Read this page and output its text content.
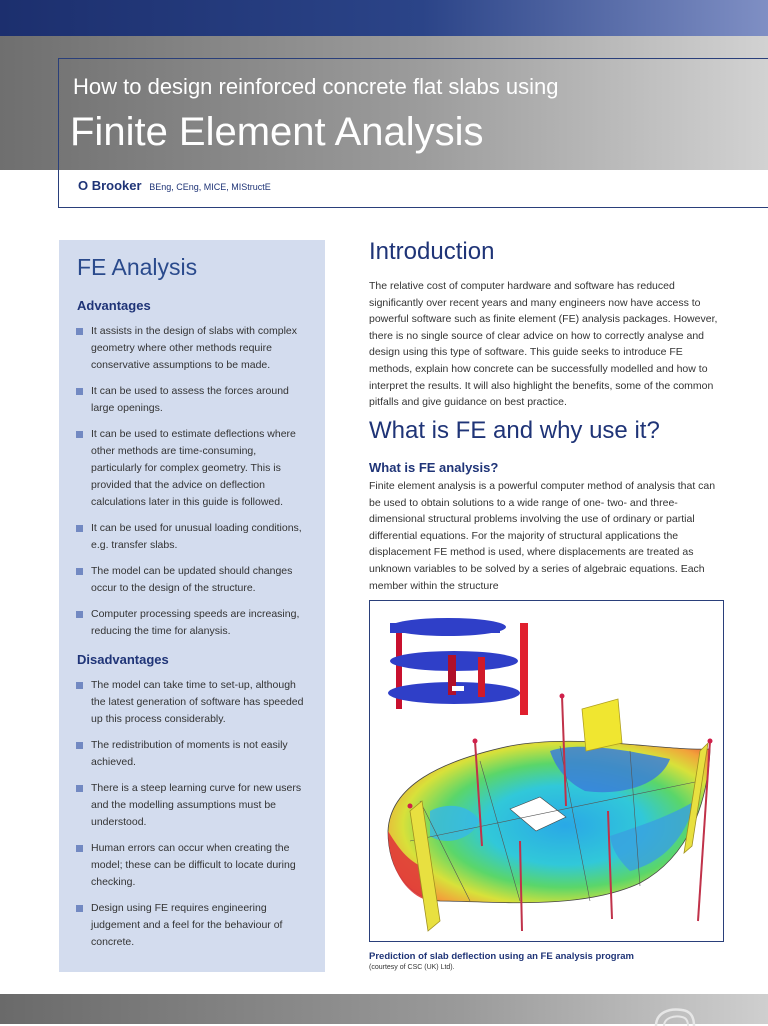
How to design reinforced concrete flat slabs using
Finite Element Analysis
O Brooker BEng, CEng, MICE, MIStructE
FE Analysis
Advantages
It assists in the design of slabs with complex geometry where other methods require conservative assumptions to be made.
It can be used to assess the forces around large openings.
It can be used to estimate deflections where other methods are time-consuming, particularly for complex geometry. This is provided that the advice on deflection calculations later in this guide is followed.
It can be used for unusual loading conditions, e.g. transfer slabs.
The model can be updated should changes occur to the design of the structure.
Computer processing speeds are increasing, reducing the time for alanysis.
Disadvantages
The model can take time to set-up, although the latest generation of software has speeded up this process considerably.
The redistribution of moments is not easily achieved.
There is a steep learning curve for new users and the modelling assumptions must be understood.
Human errors can occur when creating the model; these can be difficult to locate during checking.
Design using FE requires engineering judgement and a feel for the behaviour of concrete.
Introduction

The relative cost of computer hardware and software has reduced significantly over recent years and many engineers now have access to powerful software such as finite element (FE) analysis packages. However, there is no single source of clear advice on how to correctly analyse and design using this type of software. This guide seeks to introduce FE methods, explain how concrete can be successfully modelled and how to interpret the results. It will also highlight the benefits, some of the common pitfalls and give guidance on best practice.

What is FE and why use it?
What is FE analysis?

Finite element analysis is a powerful computer method of analysis that can be used to obtain solutions to a wide range of one- two- and three-dimensional structural problems involving the use of ordinary or partial differential equations. For the majority of structural applications the displacement FE method is used, where displacements are treated as unknown variables to be solved by a series of algebraic equations. Each member within the structure

Prediction of slab deflection using an FE analysis program
(courtesy of CSC (UK) Ltd).
